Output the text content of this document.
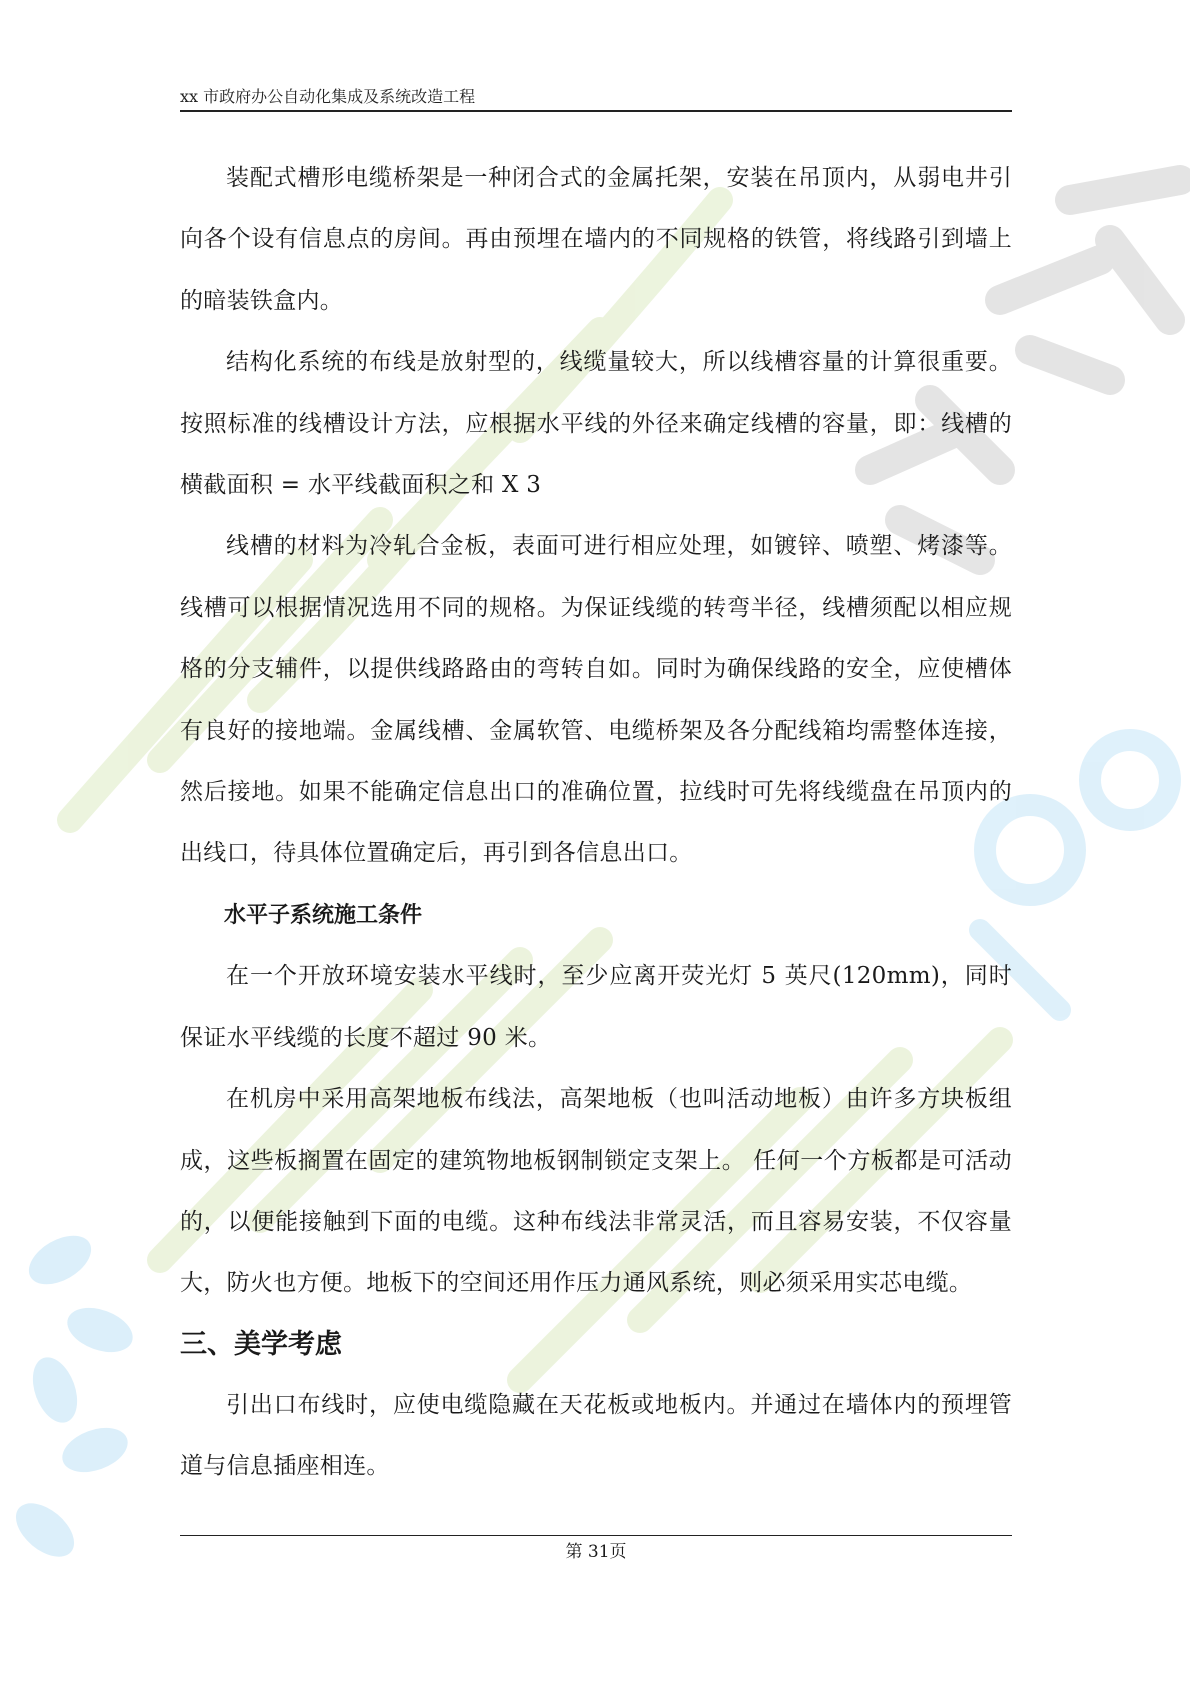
xx 市政府办公自动化集成及系统改造工程

装配式槽形电缆桥架是一种闭合式的金属托架，安装在吊顶内，从弱电井引向各个设有信息点的房间。再由预埋在墙内的不同规格的铁管，将线路引到墙上的暗装铁盒内。

结构化系统的布线是放射型的，线缆量较大，所以线槽容量的计算很重要。按照标准的线槽设计方法，应根据水平线的外径来确定线槽的容量，即：线槽的横截面积 = 水平线截面积之和 X 3

线槽的材料为冷轧合金板，表面可进行相应处理，如镀锌、喷塑、烤漆等。线槽可以根据情况选用不同的规格。为保证线缆的转弯半径，线槽须配以相应规格的分支辅件，以提供线路路由的弯转自如。同时为确保线路的安全，应使槽体有良好的接地端。金属线槽、金属软管、电缆桥架及各分配线箱均需整体连接，然后接地。如果不能确定信息出口的准确位置，拉线时可先将线缆盘在吊顶内的出线口，待具体位置确定后，再引到各信息出口。

水平子系统施工条件

在一个开放环境安装水平线时，至少应离开荧光灯 5 英尺(120mm)，同时保证水平线缆的长度不超过 90 米。

在机房中采用高架地板布线法，高架地板（也叫活动地板）由许多方块板组成，这些板搁置在固定的建筑物地板钢制锁定支架上。 任何一个方板都是可活动的，以便能接触到下面的电缆。这种布线法非常灵活，而且容易安装，不仅容量大，防火也方便。地板下的空间还用作压力通风系统，则必须采用实芯电缆。

三、美学考虑

引出口布线时，应使电缆隐藏在天花板或地板内。并通过在墙体内的预埋管道与信息插座相连。

第 31页
